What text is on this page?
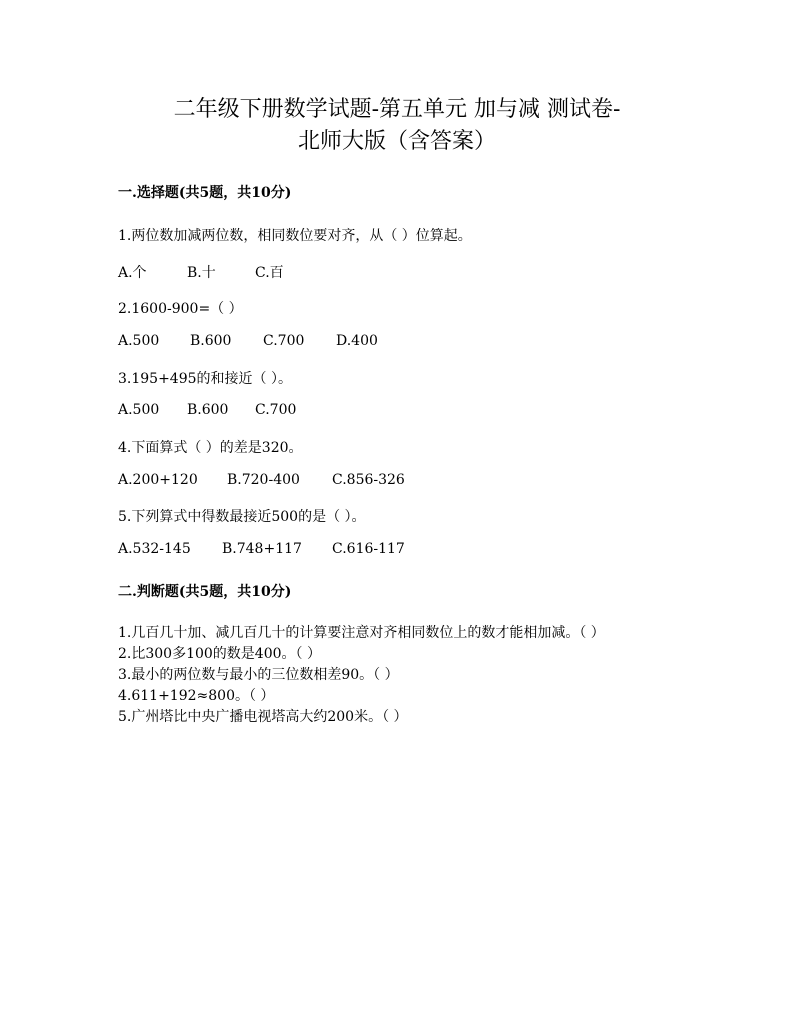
二年级下册数学试题-第五单元 加与减 测试卷-
北师大版（含答案）
一.选择题(共5题，共10分)
1.两位数加减两位数，相同数位要对齐，从（ ）位算起。
A.个	B.十	C.百
2.1600-900=（ ）
A.500 B.600 C.700 D.400
3.195+495的和接近（ ）。
A.500 B.600 C.700
4.下面算式（ ）的差是320。
A.200+120 B.720-400 C.856-326
5.下列算式中得数最接近500的是（ ）。
A.532-145 B.748+117 C.616-117
二.判断题(共5题，共10分)
1.几百几十加、减几百几十的计算要注意对齐相同数位上的数才能相加减。（ ）
2.比300多100的数是400。（ ）
3.最小的两位数与最小的三位数相差90。（ ）
4.611+192≈800。（ ）
5.广州塔比中央广播电视塔高大约200米。（ ）
